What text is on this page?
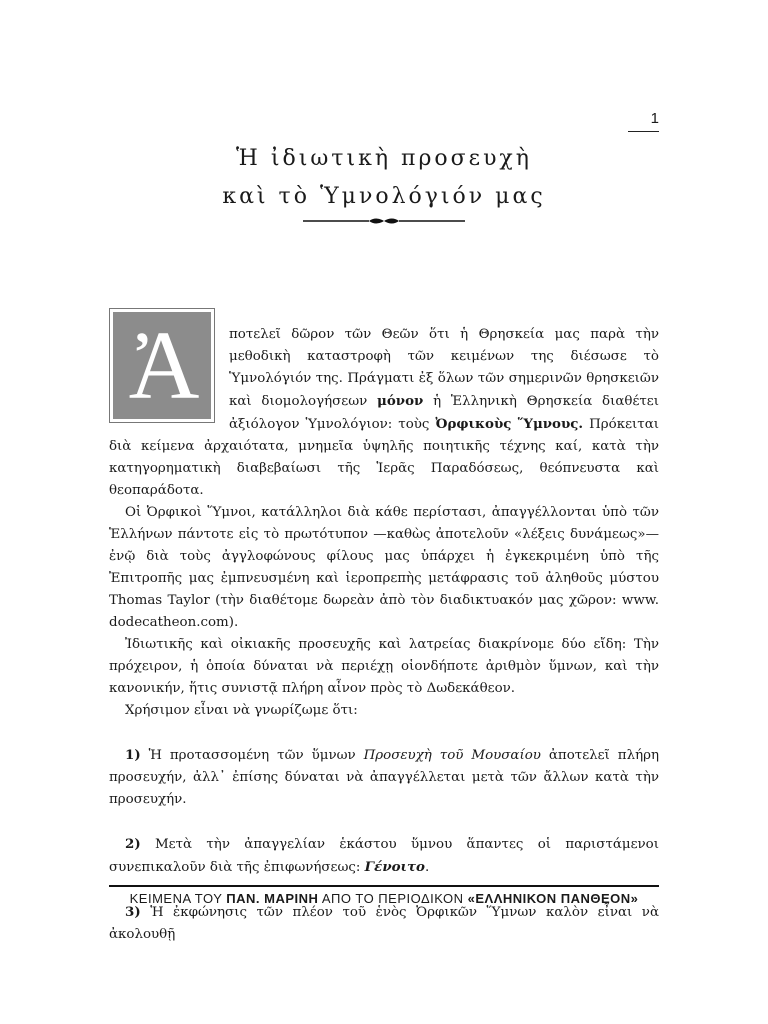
1
Ἡ ἰδιωτικὴ προσευχὴ
καὶ τὸ Ὑμνολόγιόν μας
Ἀ	ποτελεῖ δῶρον τῶν Θεῶν ὅτι ἡ Θρησκεία μας παρὰ τὴν μεθοδικὴ καταστροφὴ τῶν κειμένων της διέσωσε τὸ Ὑμνολόγιόν της. Πράγματι ἐξ ὅλων τῶν σημερινῶν θρησκειῶν καὶ διομολογήσεων μόνον ἡ Ἑλληνικὴ Θρησκεία διαθέτει ἀξιόλογον Ὑμνολόγιον: τοὺς Ὀρφικοὺς Ὕμνους. Πρόκειται διὰ κείμενα ἀρχαιότατα, μνημεῖα ὑψηλῆς ποιητικῆς τέχνης καί, κατὰ τὴν κατηγορηματικὴ διαβεβαίωσι τῆς Ἱερᾶς Παραδόσεως, θεόπνευστα καὶ θεοπαράδοτα.

Οἱ Ὀρφικοὶ Ὕμνοι, κατάλληλοι διὰ κάθε περίστασι, ἀπαγγέλλονται ὑπὸ τῶν Ἑλλήνων πάντοτε εἰς τὸ πρωτότυπον —καθὼς ἀποτελοῦν «λέξεις δυνάμεως»— ἐνῷ διὰ τοὺς ἀγγλοφώνους φίλους μας ὑπάρχει ἡ ἐγκεκριμένη ὑπὸ τῆς Ἐπιτροπῆς μας ἐμπνευσμένη καὶ ἱεροπρεπὴς μετάφρασις τοῦ ἀληθοῦς μύστου Thomas Taylor (τὴν διαθέτομε δωρεὰν ἀπὸ τὸν διαδικτυακόν μας χῶρον: www. dodecatheon.com).

Ἰδιωτικῆς καὶ οἰκιακῆς προσευχῆς καὶ λατρείας διακρίνομε δύο εἴδη: Τὴν πρόχειρον, ἡ ὁποία δύναται νὰ περιέχῃ οἱονδήποτε ἀριθμὸν ὕμνων, καὶ τὴν κανονικήν, ἥτις συνιστᾷ πλήρη αἶνον πρὸς τὸ Δωδεκάθεον.

Χρήσιμον εἶναι νὰ γνωρίζωμε ὅτι:

1) Ἡ προτασσομένη τῶν ὕμνων Προσευχὴ τοῦ Μουσαίου ἀποτελεῖ πλήρη προσευχήν, ἀλλ᾽ ἐπίσης δύναται νὰ ἀπαγγέλλεται μετὰ τῶν ἄλλων κατὰ τὴν προσευχήν.

2) Μετὰ τὴν ἀπαγγελίαν ἑκάστου ὕμνου ἅπαντες οἱ παριστάμενοι συνεπικαλοῦν διὰ τῆς ἐπιφωνήσεως: Γένοιτο.

3) Ἡ ἐκφώνησις τῶν πλέον τοῦ ἑνὸς Ὀρφικῶν Ὕμνων καλὸν εἶναι νὰ ἀκολουθῇ

ΚΕΙΜΕΝΑ ΤΟΥ ΠΑΝ. ΜΑΡΙΝΗ ΑΠΟ ΤΟ ΠΕΡΙΟΔΙΚΟΝ «ΕΛΛΗΝΙΚΟΝ ΠΑΝΘΕΟΝ»
